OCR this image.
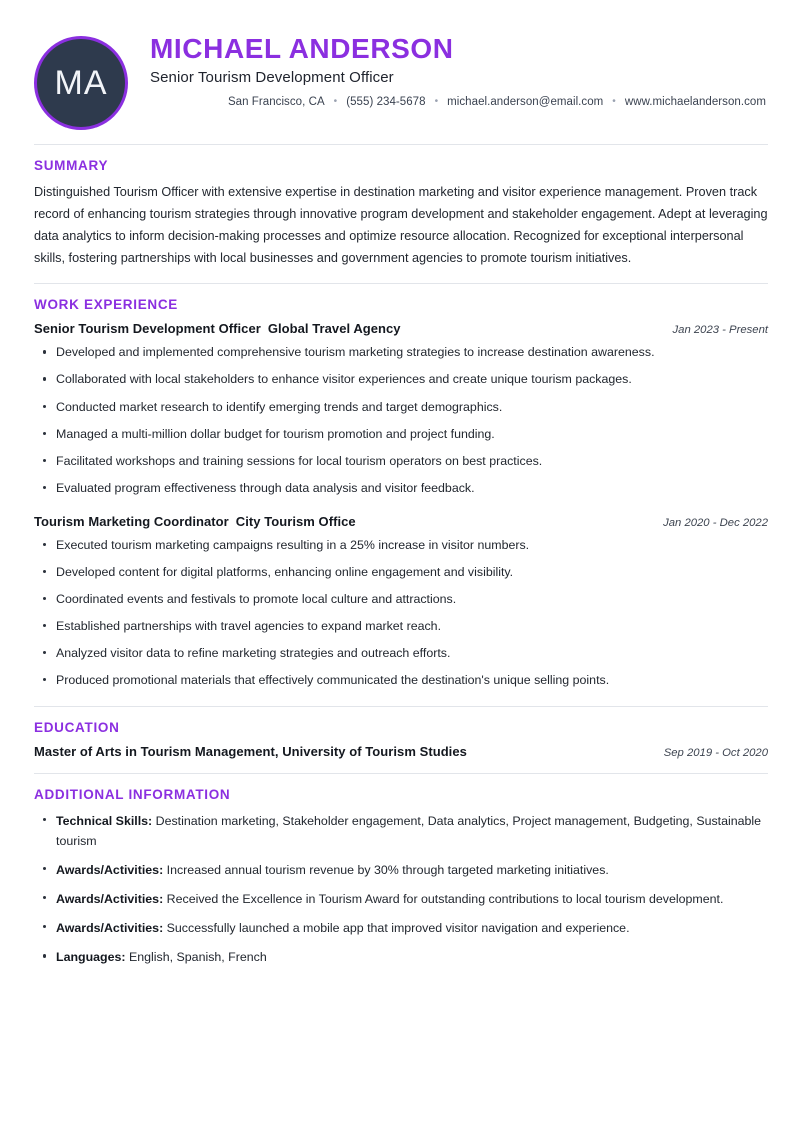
MA
MICHAEL ANDERSON
Senior Tourism Development Officer
San Francisco, CA • (555) 234-5678 • michael.anderson@email.com • www.michaelanderson.com
SUMMARY

Distinguished Tourism Officer with extensive expertise in destination marketing and visitor experience management. Proven track record of enhancing tourism strategies through innovative program development and stakeholder engagement. Adept at leveraging data analytics to inform decision-making processes and optimize resource allocation. Recognized for exceptional interpersonal skills, fostering partnerships with local businesses and government agencies to promote tourism initiatives.

WORK EXPERIENCE
Senior Tourism Development Officer Global Travel Agency	Jan 2023 - Present
Developed and implemented comprehensive tourism marketing strategies to increase destination awareness.
Collaborated with local stakeholders to enhance visitor experiences and create unique tourism packages.
Conducted market research to identify emerging trends and target demographics.
Managed a multi-million dollar budget for tourism promotion and project funding.
Facilitated workshops and training sessions for local tourism operators on best practices.
Evaluated program effectiveness through data analysis and visitor feedback.
Tourism Marketing Coordinator City Tourism Office	Jan 2020 - Dec 2022
Executed tourism marketing campaigns resulting in a 25% increase in visitor numbers.
Developed content for digital platforms, enhancing online engagement and visibility.
Coordinated events and festivals to promote local culture and attractions.
Established partnerships with travel agencies to expand market reach.
Analyzed visitor data to refine marketing strategies and outreach efforts.
Produced promotional materials that effectively communicated the destination's unique selling points.
EDUCATION
Master of Arts in Tourism Management, University of Tourism Studies	Sep 2019 - Oct 2020
ADDITIONAL INFORMATION
Technical Skills: Destination marketing, Stakeholder engagement, Data analytics, Project management, Budgeting, Sustainable tourism
Awards/Activities: Increased annual tourism revenue by 30% through targeted marketing initiatives.
Awards/Activities: Received the Excellence in Tourism Award for outstanding contributions to local tourism development.
Awards/Activities: Successfully launched a mobile app that improved visitor navigation and experience.
Languages: English, Spanish, French
